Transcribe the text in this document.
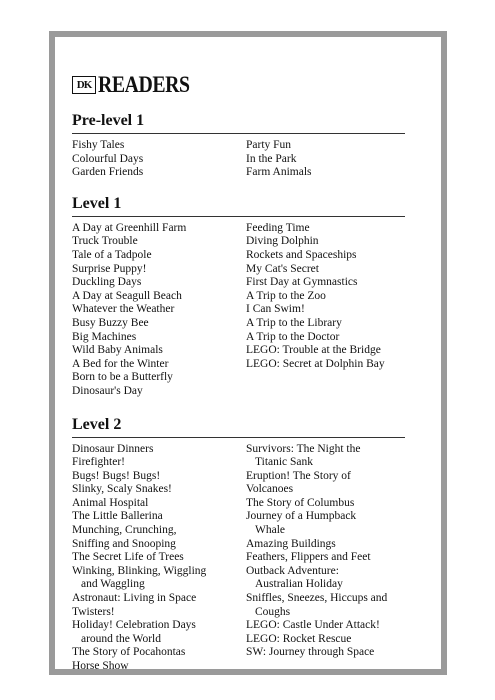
DK READERS
Pre-level 1
Fishy Tales
Colourful Days
Garden Friends
Party Fun
In the Park
Farm Animals
Level 1
A Day at Greenhill Farm
Truck Trouble
Tale of a Tadpole
Surprise Puppy!
Duckling Days
A Day at Seagull Beach
Whatever the Weather
Busy Buzzy Bee
Big Machines
Wild Baby Animals
A Bed for the Winter
Born to be a Butterfly
Dinosaur's Day
Feeding Time
Diving Dolphin
Rockets and Spaceships
My Cat's Secret
First Day at Gymnastics
A Trip to the Zoo
I Can Swim!
A Trip to the Library
A Trip to the Doctor
LEGO: Trouble at the Bridge
LEGO: Secret at Dolphin Bay
Level 2
Dinosaur Dinners
Firefighter!
Bugs! Bugs! Bugs!
Slinky, Scaly Snakes!
Animal Hospital
The Little Ballerina
Munching, Crunching,
Sniffing and Snooping
The Secret Life of Trees
Winking, Blinking, Wiggling
and Waggling
Astronaut: Living in Space
Twisters!
Holiday! Celebration Days
around the World
The Story of Pocahontas
Horse Show
Survivors: The Night the
Titanic Sank
Eruption! The Story of
Volcanoes
The Story of Columbus
Journey of a Humpback
Whale
Amazing Buildings
Feathers, Flippers and Feet
Outback Adventure:
Australian Holiday
Sniffles, Sneezes, Hiccups and
Coughs
LEGO: Castle Under Attack!
LEGO: Rocket Rescue
SW: Journey through Space
